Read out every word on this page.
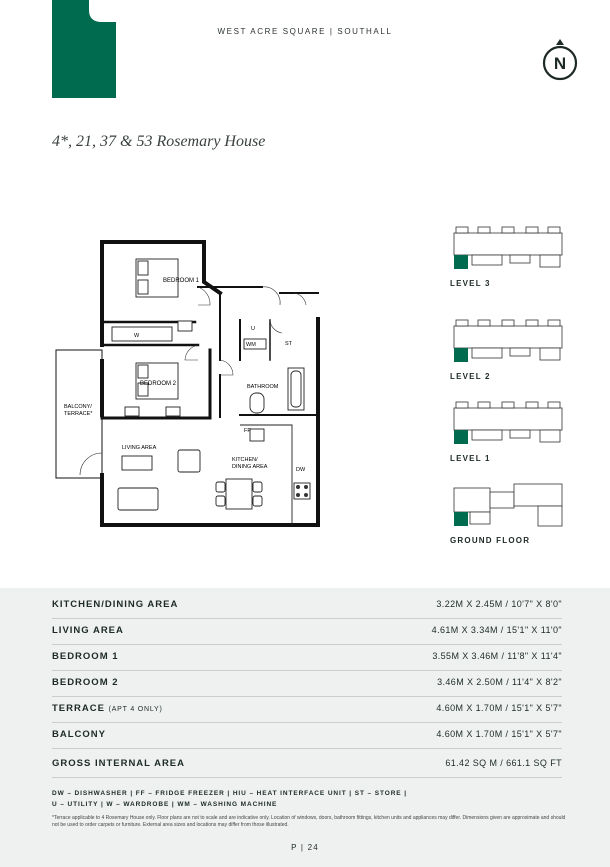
WEST ACRE SQUARE | SOUTHALL
N
4*, 21, 37 & 53 Rosemary House
BEDROOM 1
W
U
WM	ST
BEDROOM 2	BATHROOM
BALCONY/
TERRACE*
LIVING AREA
FF
KITCHEN/
DINING AREA	DW
LEVEL 3
LEVEL 2
LEVEL 1
GROUND FLOOR
KITCHEN/DINING AREA	3.22M X 2.45M / 10'7" X 8'0"
LIVING AREA	4.61M X 3.34M / 15'1" X 11'0"
BEDROOM 1	3.55M X 3.46M / 11'8" X 11'4"
BEDROOM 2	3.46M X 2.50M / 11'4" X 8'2"
TERRACE (APT 4 ONLY)	4.60M X 1.70M / 15'1" X 5'7"
BALCONY	4.60M X 1.70M / 15'1" X 5'7"
GROSS INTERNAL AREA	61.42 SQ M / 661.1 SQ FT
DW – DISHWASHER | FF – FRIDGE FREEZER | HIU – HEAT INTERFACE UNIT | ST – STORE |
U – UTILITY | W – WARDROBE | WM – WASHING MACHINE
*Terrace applicable to 4 Rosemary House only. Floor plans are not to scale and are indicative only. Location of windows, doors, bathroom fittings, kitchen units and appliances may differ. Dimensions given are approximate and should not be used to order carpets or furniture. External area sizes and locations may differ from those illustrated.
P | 24
